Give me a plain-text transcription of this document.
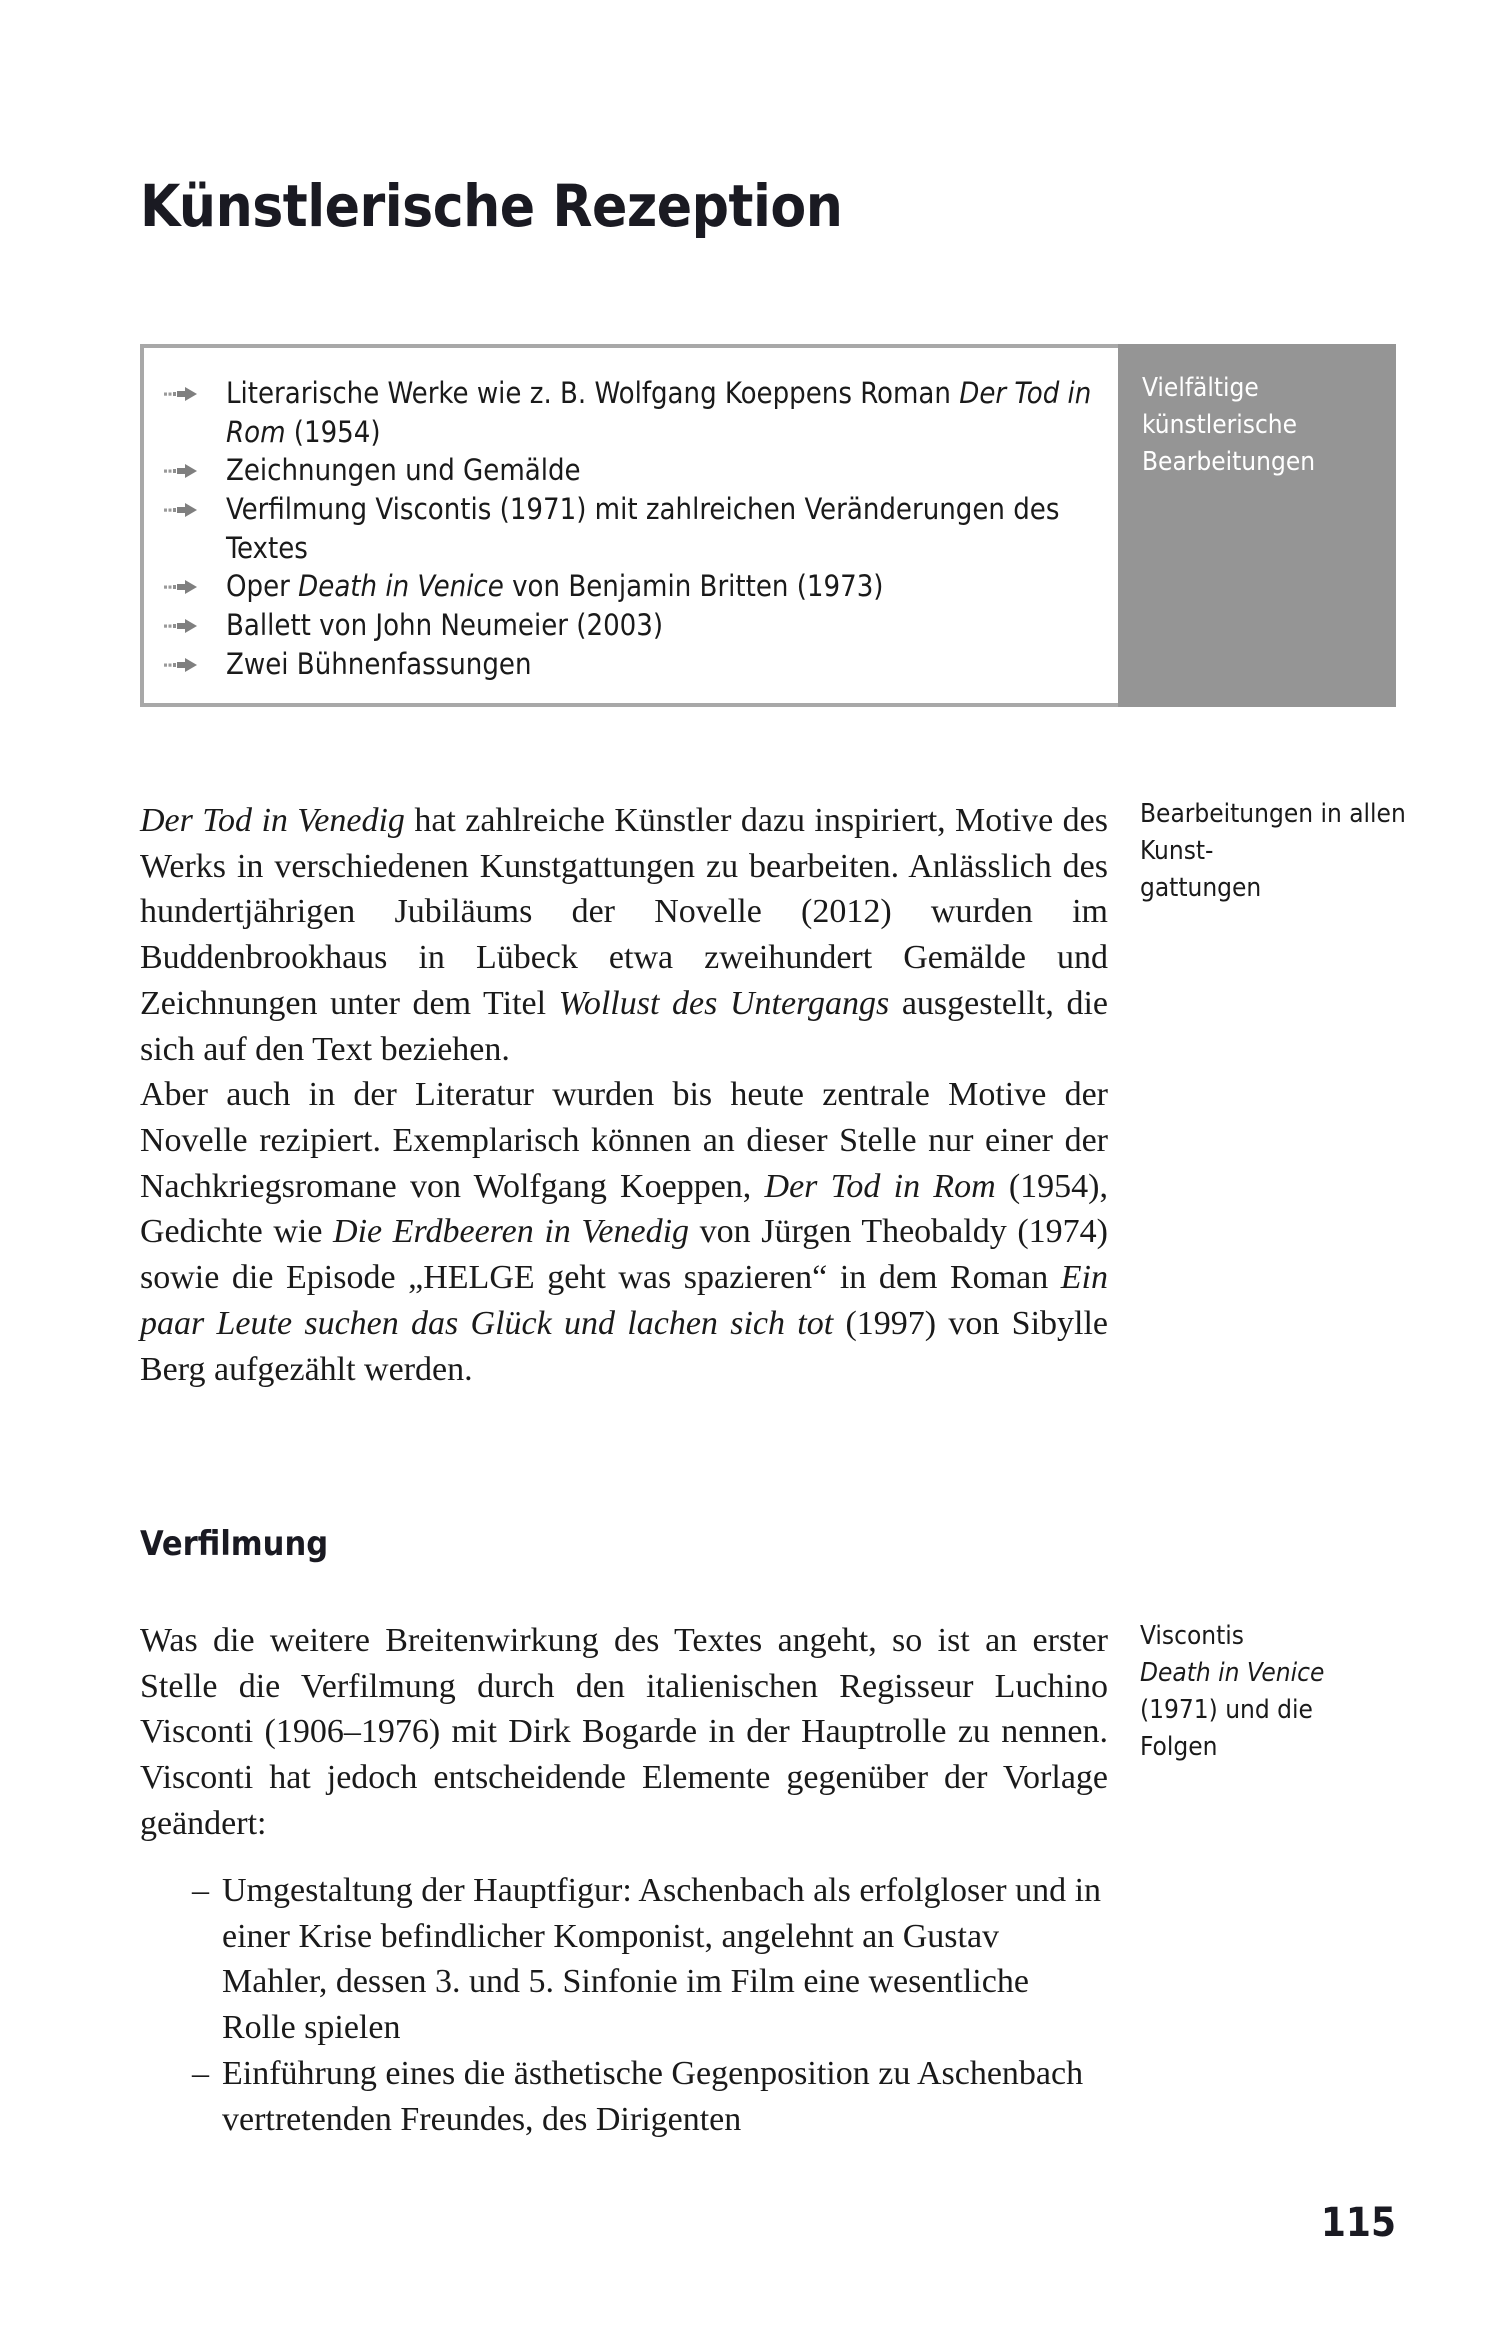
Künstlerische Rezeption
Literarische Werke wie z. B. Wolfgang Koeppens Roman Der Tod in Rom (1954)
Zeichnungen und Gemälde
Verfilmung Viscontis (1971) mit zahlreichen Veränderungen des Textes
Oper Death in Venice von Benjamin Britten (1973)
Ballett von John Neumeier (2003)
Zwei Bühnenfassungen
Vielfältige künstlerische Bearbeitungen

Der Tod in Venedig hat zahlreiche Künstler dazu inspiriert, Motive des Werks in verschiedenen Kunstgattungen zu bearbeiten. Anlässlich des hundertjährigen Jubiläums der Novelle (2012) wurden im Buddenbrookhaus in Lübeck etwa zweihundert Gemälde und Zeichnungen unter dem Titel Wollust des Untergangs ausgestellt, die sich auf den Text beziehen.

Aber auch in der Literatur wurden bis heute zentrale Motive der Novelle rezipiert. Exemplarisch können an dieser Stelle nur einer der Nachkriegsromane von Wolfgang Koeppen, Der Tod in Rom (1954), Gedichte wie Die Erdbeeren in Venedig von Jürgen Theobaldy (1974) sowie die Episode „HELGE geht was spazieren“ in dem Roman Ein paar Leute suchen das Glück und lachen sich tot (1997) von Sibylle Berg aufgezählt werden.

Bearbeitungen in allen Kunst-
gattungen
Verfilmung

Was die weitere Breitenwirkung des Textes angeht, so ist an erster Stelle die Verfilmung durch den italienischen Regisseur Luchino Visconti (1906–1976) mit Dirk Bogarde in der Hauptrolle zu nennen. Visconti hat jedoch entscheidende Elemente gegenüber der Vorlage geändert:

Viscontis
Death in Venice
(1971) und die
Folgen
– Umgestaltung der Hauptfigur: Aschenbach als erfolgloser und in einer Krise befindlicher Komponist, angelehnt an Gustav Mahler, dessen 3. und 5. Sinfonie im Film eine wesentliche Rolle spielen
– Einführung eines die ästhetische Gegenposition zu Aschenbach vertretenden Freundes, des Dirigenten
115
